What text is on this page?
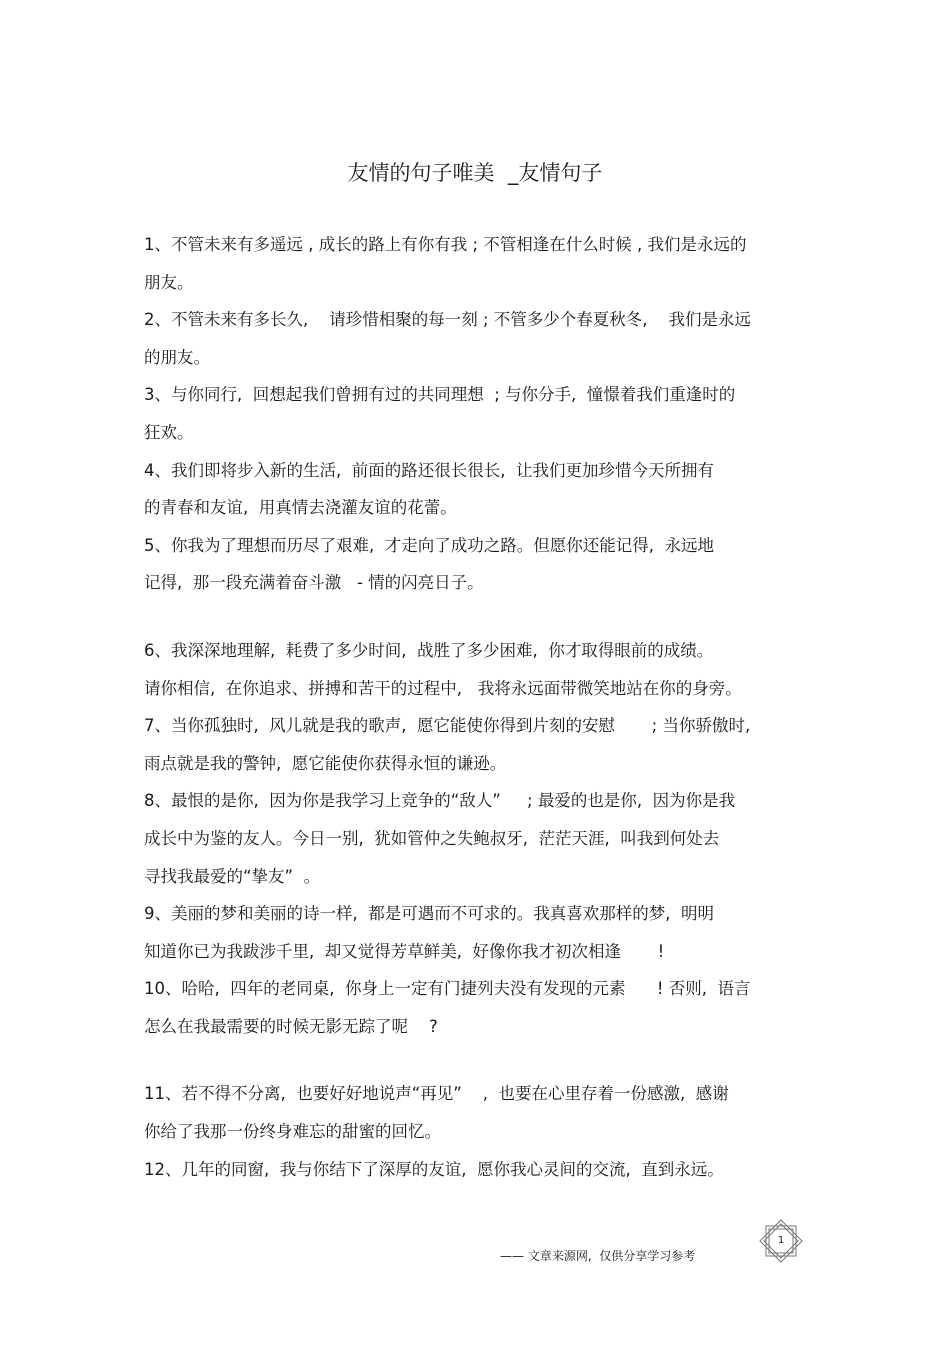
友情的句子唯美  _友情句子
1、不管未来有多遥远 , 成长的路上有你有我 ; 不管相逢在什么时候 , 我们是永远的
朋友。
2、不管未来有多长久,    请珍惜相聚的每一刻 ; 不管多少个春夏秋冬,    我们是永远
的朋友。
3、与你同行,  回想起我们曾拥有过的共同理想  ; 与你分手,  憧憬着我们重逢时的
狂欢。
4、我们即将步入新的生活,  前面的路还很长很长,  让我们更加珍惜今天所拥有
的青春和友谊,  用真情去浇灌友谊的花蕾。
5、你我为了理想而历尽了艰难,  才走向了成功之路。但愿你还能记得,  永远地
记得,  那一段充满着奋斗激   - 情的闪亮日子。
6、我深深地理解,  耗费了多少时间,  战胜了多少困难,  你才取得眼前的成绩。
请你相信,  在你追求、拼搏和苦干的过程中,   我将永远面带微笑地站在你的身旁。
7、当你孤独时,  风儿就是我的歌声,  愿它能使你得到片刻的安慰       ; 当你骄傲时,
雨点就是我的警钟,  愿它能使你获得永恒的谦逊。
8、最恨的是你,  因为你是我学习上竞争的“敌人”     ; 最爱的也是你,  因为你是我
成长中为鉴的友人。今日一别,  犹如管仲之失鲍叔牙,  茫茫天涯,  叫我到何处去
寻找我最爱的“挚友”  。
9、美丽的梦和美丽的诗一样,  都是可遇而不可求的。我真喜欢那样的梦,  明明
知道你已为我跋涉千里,  却又觉得芳草鲜美,  好像你我才初次相逢       !
10、哈哈,  四年的老同桌,  你身上一定有门捷列夫没有发现的元素      ! 否则,  语言
怎么在我最需要的时候无影无踪了呢    ?
11、若不得不分离,  也要好好地说声“再见”    ,  也要在心里存着一份感激,  感谢
你给了我那一份终身难忘的甜蜜的回忆。
12、几年的同窗,  我与你结下了深厚的友谊,  愿你我心灵间的交流,  直到永远。
1
—— 文章来源网,  仅供分享学习参考
